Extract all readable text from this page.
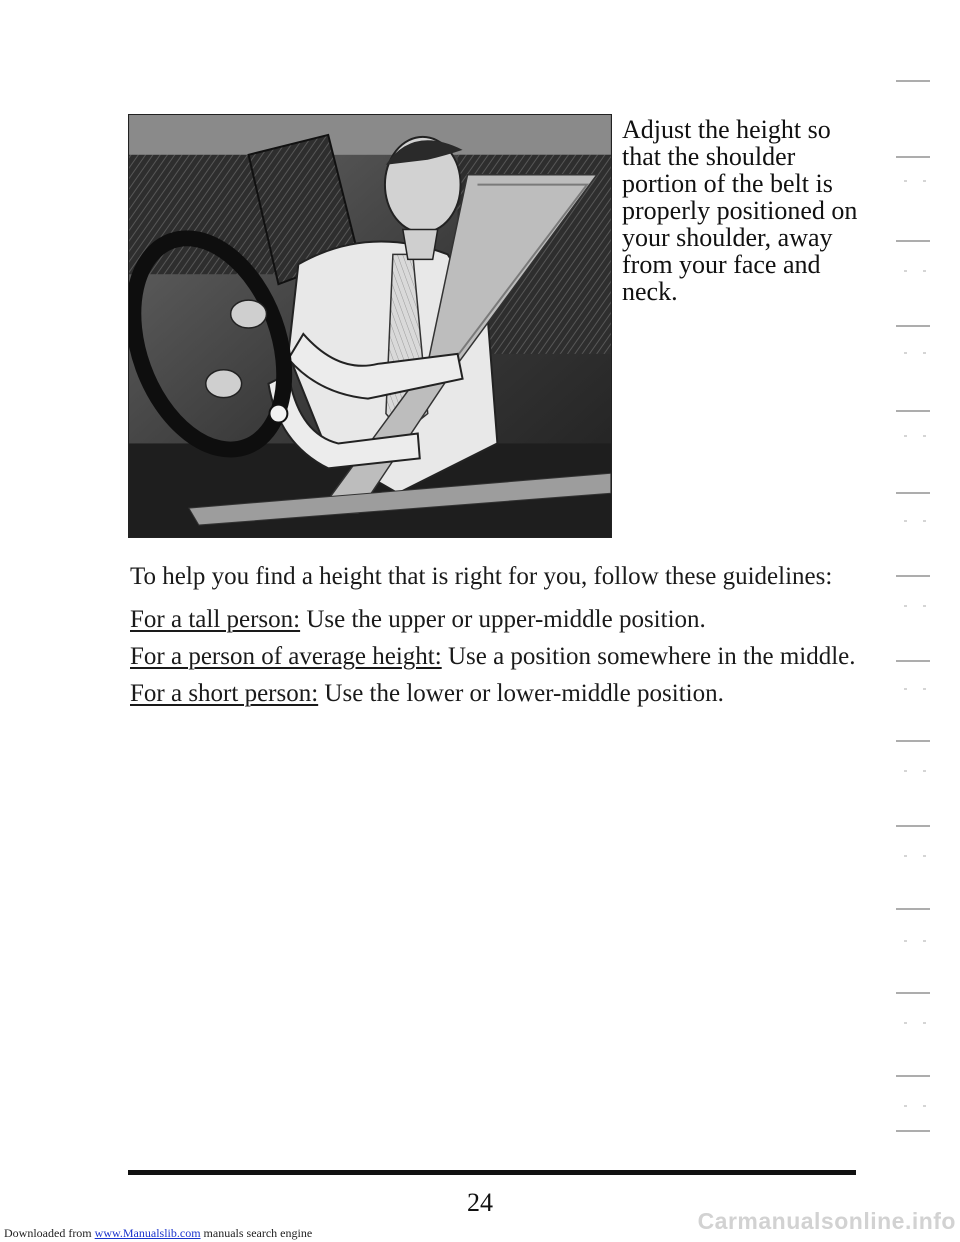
Adjust the height so that the shoulder portion of the belt is properly positioned on your shoulder, away from your face and neck.
To help you find a height that is right for you, follow these guidelines:
For a tall person: Use the upper or upper-middle position.
For a person of average height: Use a position somewhere in the middle.
For a short person: Use the lower or lower-middle position.
24
Downloaded from www.Manualslib.com manuals search engine	Carmanualsonline.info
